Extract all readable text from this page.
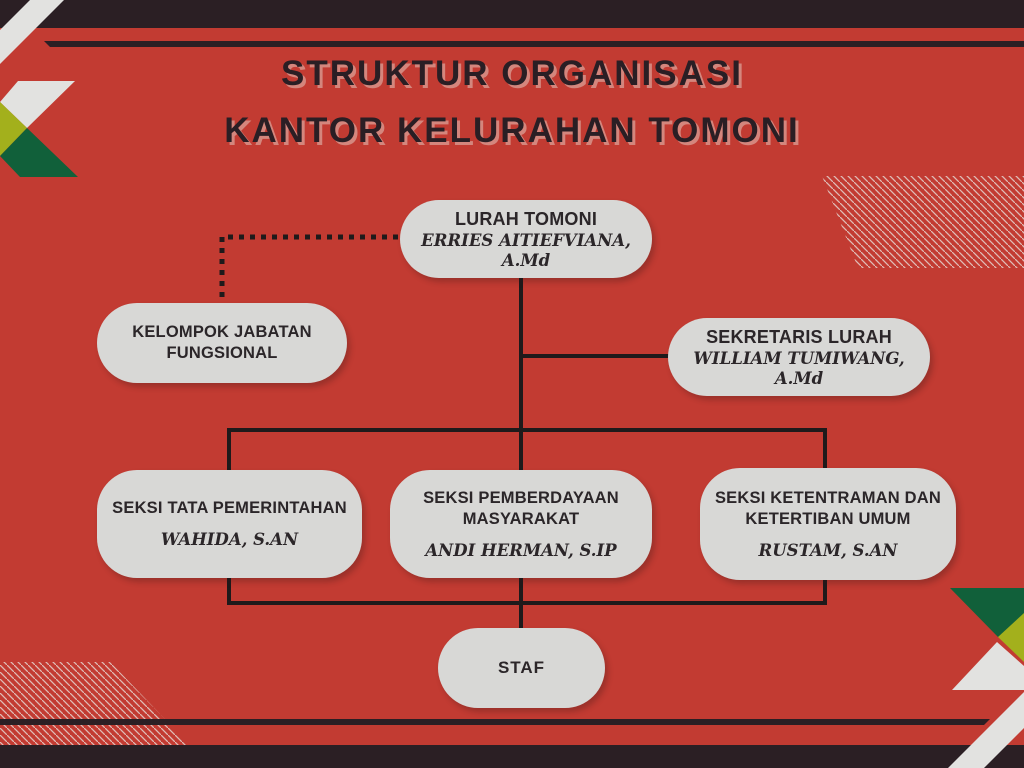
STRUKTUR ORGANISASI
KANTOR KELURAHAN TOMONI
LURAH TOMONI
ERRIES AITIEFVIANA, A.Md
KELOMPOK JABATAN FUNGSIONAL
SEKRETARIS LURAH
WILLIAM TUMIWANG, A.Md
SEKSI TATA PEMERINTAHAN
WAHIDA, S.AN
SEKSI PEMBERDAYAAN MASYARAKAT
ANDI HERMAN, S.IP
SEKSI KETENTRAMAN DAN KETERTIBAN UMUM
RUSTAM, S.AN
STAF
